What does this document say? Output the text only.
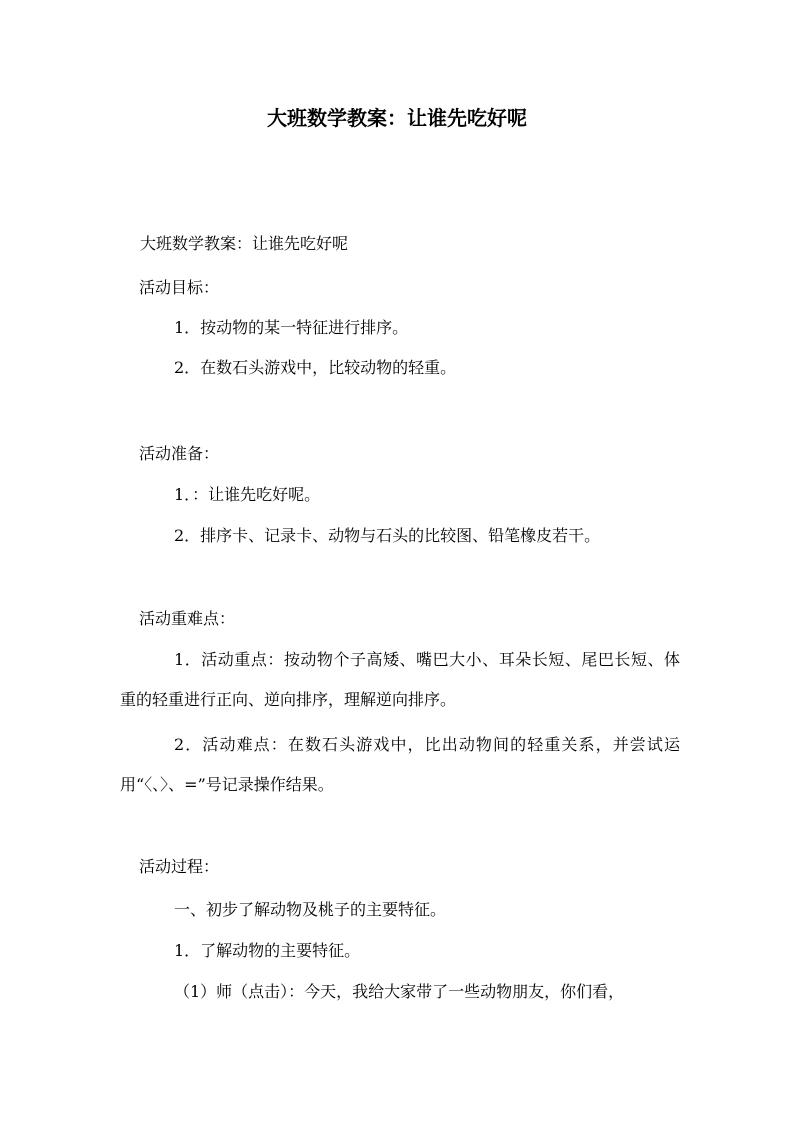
大班数学教案：让谁先吃好呢
大班数学教案：让谁先吃好呢
活动目标：
1．按动物的某一特征进行排序。
2．在数石头游戏中，比较动物的轻重。
活动准备：
1．：让谁先吃好呢。
2．排序卡、记录卡、动物与石头的比较图、铅笔橡皮若干。
活动重难点：
1．活动重点：按动物个子高矮、嘴巴大小、耳朵长短、尾巴长短、体重的轻重进行正向、逆向排序，理解逆向排序。
2．活动难点：在数石头游戏中，比出动物间的轻重关系，并尝试运用“〈、〉、=”号记录操作结果。
活动过程：
一、初步了解动物及桃子的主要特征。
1．了解动物的主要特征。
（1）师（点击）：今天，我给大家带了一些动物朋友，你们看，
